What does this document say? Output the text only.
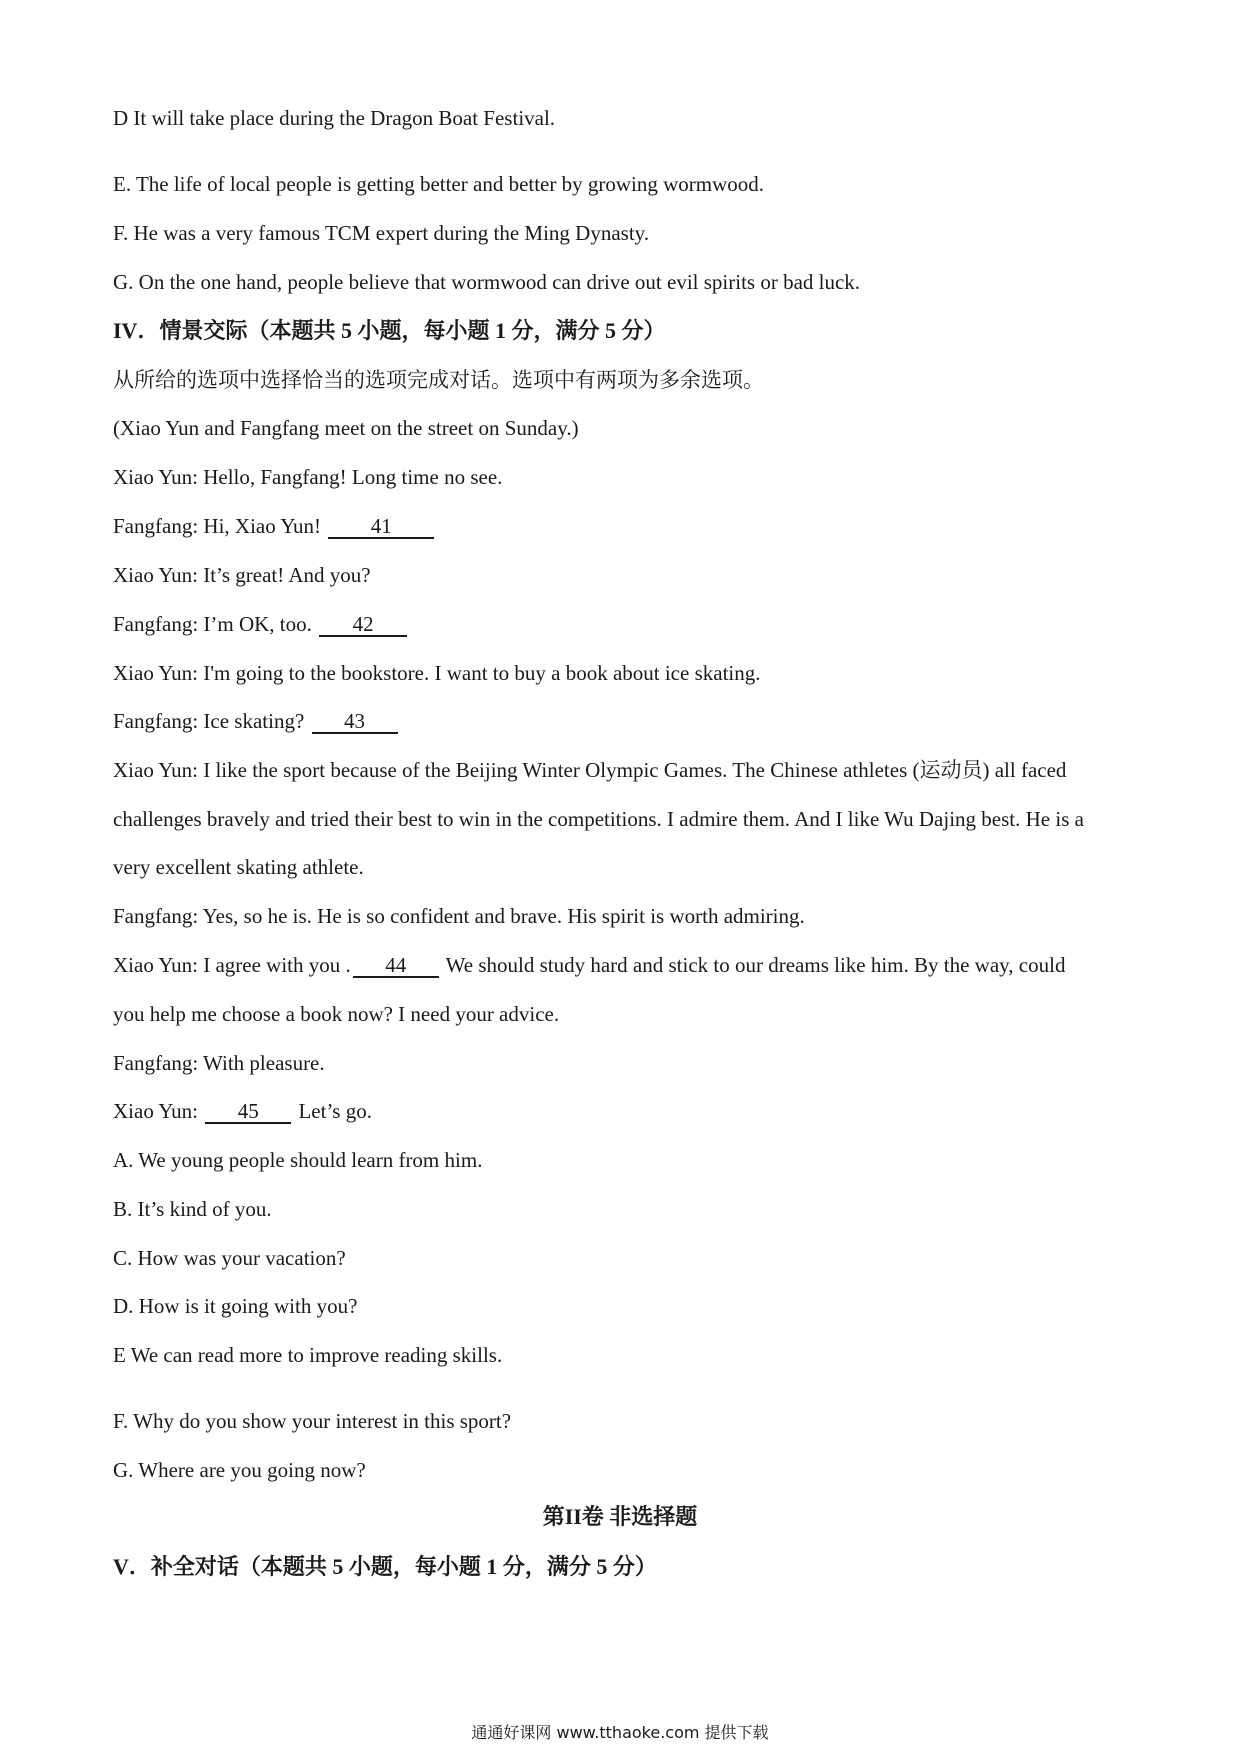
D It will take place during the Dragon Boat Festival.
E. The life of local people is getting better and better by growing wormwood.
F. He was a very famous TCM expert during the Ming Dynasty.
G. On the one hand, people believe that wormwood can drive out evil spirits or bad luck.
IV．情景交际（本题共 5 小题，每小题 1 分，满分 5 分）
从所给的选项中选择恰当的选项完成对话。选项中有两项为多余选项。
(Xiao Yun and Fangfang meet on the street on Sunday.)
Xiao Yun: Hello, Fangfang! Long time no see.
Fangfang: Hi, Xiao Yun! 41
Xiao Yun: It’s great! And you?
Fangfang: I’m OK, too. 42
Xiao Yun: I'm going to the bookstore. I want to buy a book about ice skating.
Fangfang: Ice skating? 43
Xiao Yun: I like the sport because of the Beijing Winter Olympic Games. The Chinese athletes (运动员) all faced
challenges bravely and tried their best to win in the competitions. I admire them. And I like Wu Dajing best. He is a
very excellent skating athlete.
Fangfang: Yes, so he is. He is so confident and brave. His spirit is worth admiring.
Xiao Yun: I agree with you . 44 We should study hard and stick to our dreams like him. By the way, could
you help me choose a book now? I need your advice.
Fangfang: With pleasure.
Xiao Yun: 45 Let’s go.
A. We young people should learn from him.
B. It’s kind of you.
C. How was your vacation?
D. How is it going with you?
E We can read more to improve reading skills.
F. Why do you show your interest in this sport?
G. Where are you going now?
第II卷 非选择题
V．补全对话（本题共 5 小题，每小题 1 分，满分 5 分）
通通好课网 www.tthaoke.com 提供下载
